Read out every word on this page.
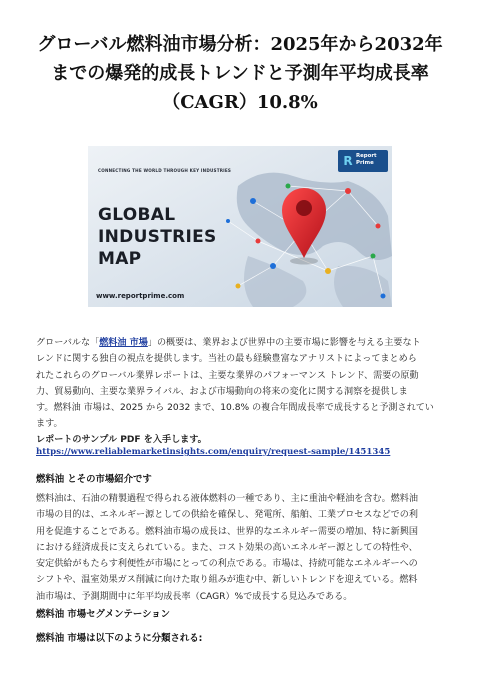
グローバル燃料油市場分析：2025年から2032年
までの爆発的成長トレンドと予測年平均成長率
（CAGR）10.8%
CONNECTING THE WORLD THROUGH KEY INDUSTRIES
GLOBAL
INDUSTRIES
MAP
www.reportprime.com
R Report
Prime
グローバルな「燃料油 市場」の概要は、業界および世界中の主要市場に影響を与える主要なト
レンドに関する独自の視点を提供します。当社の最も経験豊富なアナリストによってまとめら
れたこれらのグローバル業界レポートは、主要な業界のパフォーマンス トレンド、需要の原動
力、貿易動向、主要な業界ライバル、および市場動向の将来の変化に関する洞察を提供しま
す。燃料油 市場は、2025 から 2032 まで、10.8% の複合年間成長率で成長すると予測されてい
ます。
レポートのサンプル PDF を入手します。
https://www.reliablemarketinsights.com/enquiry/request-sample/1451345
燃料油 とその市場紹介です
燃料油は、石油の精製過程で得られる液体燃料の一種であり、主に重油や軽油を含む。燃料油
市場の目的は、エネルギー源としての供給を確保し、発電所、船舶、工業プロセスなどでの利
用を促進することである。燃料油市場の成長は、世界的なエネルギー需要の増加、特に新興国
における経済成長に支えられている。また、コスト効果の高いエネルギー源としての特性や、
安定供給がもたらす利便性が市場にとっての利点である。市場は、持続可能なエネルギーへの
シフトや、温室効果ガス削減に向けた取り組みが進む中、新しいトレンドを迎えている。燃料
油市場は、予測期間中に年平均成長率（CAGR）%で成長する見込みである。
燃料油 市場セグメンテーション
燃料油 市場は以下のように分類される:
